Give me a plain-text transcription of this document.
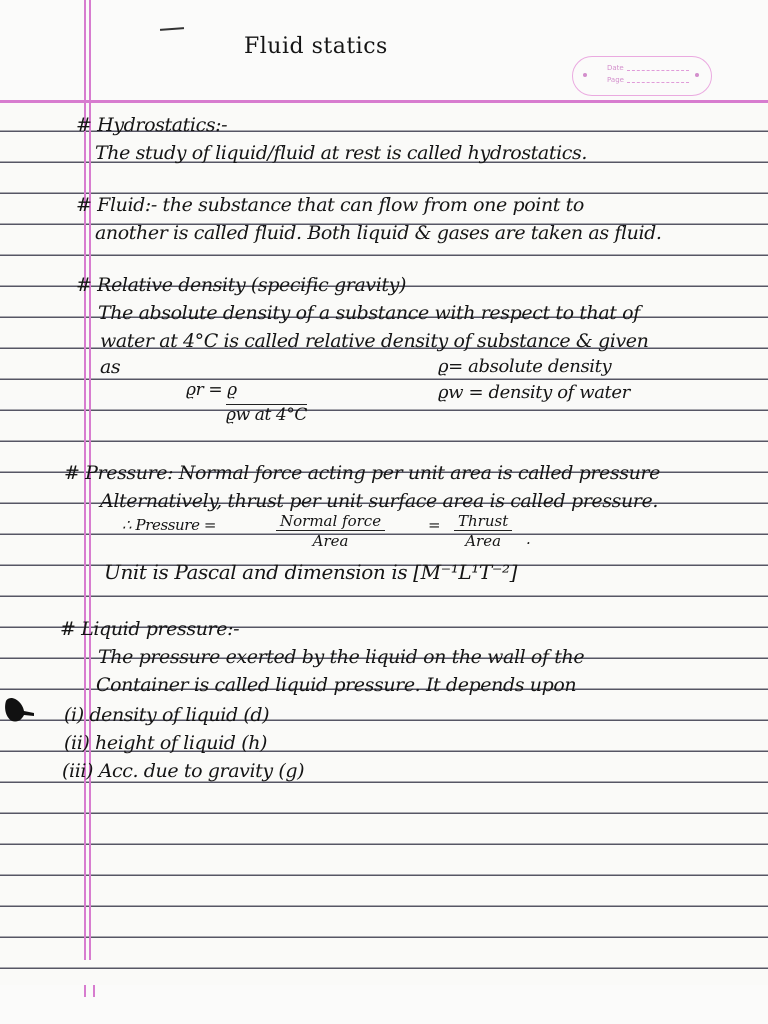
Date
Page
Fluid statics
# Hydrostatics:-
The study of liquid/fluid at rest is called hydrostatics.
# Fluid:- the substance that can flow from one point to
another is called fluid. Both liquid & gases are taken as fluid.
# Relative density (specific gravity)
The absolute density of a substance with respect to that of
water at 4°C is called relative density of substance & given
as
ϱr = ϱ
ϱw at 4°C
ϱ= absolute density
ϱw = density of water
# Pressure: Normal force acting per unit area is called pressure
Alternatively, thrust per unit surface area is called pressure.
∴ Pressure =	Normal force
Area
= Thrust
Area	.
Unit is Pascal and dimension is [M⁻¹L¹T⁻²]
# Liquid pressure:-
The pressure exerted by the liquid on the wall of the
Container is called liquid pressure. It depends upon
(i) density of liquid (d)
(ii) height of liquid (h)
(iii) Acc. due to gravity (g)
